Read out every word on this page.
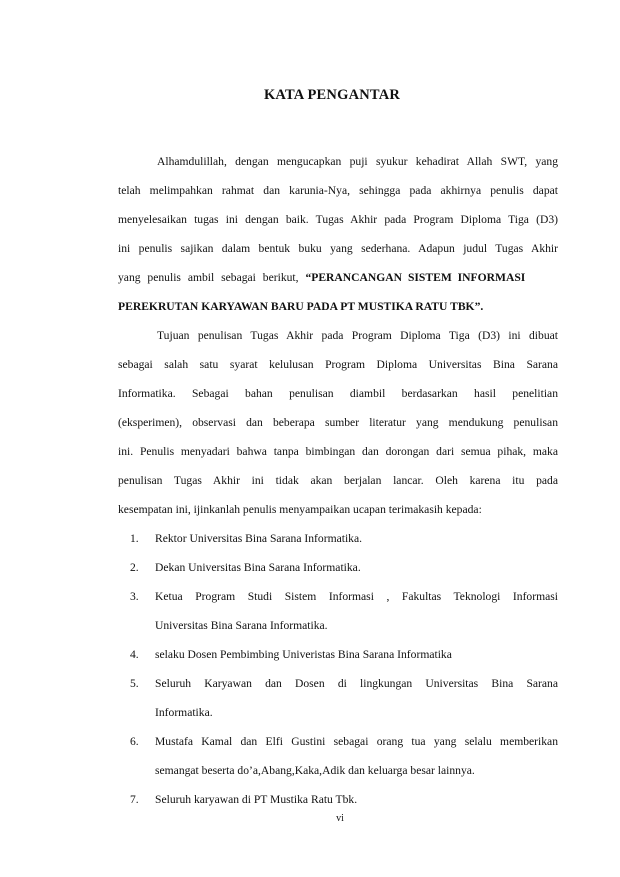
KATA PENGANTAR
Alhamdulillah, dengan mengucapkan puji syukur kehadirat Allah SWT, yang
telah melimpahkan rahmat dan karunia-Nya, sehingga pada akhirnya penulis dapat
menyelesaikan tugas ini dengan baik. Tugas Akhir pada Program Diploma Tiga (D3)
ini penulis sajikan dalam bentuk buku yang sederhana. Adapun judul Tugas Akhir
yang penulis ambil sebagai berikut, “PERANCANGAN SISTEM INFORMASI
PEREKRUTAN KARYAWAN BARU PADA PT MUSTIKA RATU TBK”.
Tujuan penulisan Tugas Akhir pada Program Diploma Tiga (D3) ini dibuat
sebagai salah satu syarat kelulusan Program Diploma Universitas Bina Sarana
Informatika. Sebagai bahan penulisan diambil berdasarkan hasil penelitian
(eksperimen), observasi dan beberapa sumber literatur yang mendukung penulisan
ini. Penulis menyadari bahwa tanpa bimbingan dan dorongan dari semua pihak, maka
penulisan Tugas Akhir ini tidak akan berjalan lancar. Oleh karena itu pada
kesempatan ini, ijinkanlah penulis menyampaikan ucapan terimakasih kepada:
1. Rektor Universitas Bina Sarana Informatika.
2. Dekan Universitas Bina Sarana Informatika.
3. Ketua Program Studi Sistem Informasi , Fakultas Teknologi Informasi
Universitas Bina Sarana Informatika.
4. selaku Dosen Pembimbing Univeristas Bina Sarana Informatika
5. Seluruh Karyawan dan Dosen di lingkungan Universitas Bina Sarana
Informatika.
6. Mustafa Kamal dan Elfi Gustini sebagai orang tua yang selalu memberikan
semangat beserta do’a,Abang,Kaka,Adik dan keluarga besar lainnya.
7. Seluruh karyawan di PT Mustika Ratu Tbk.
vi
